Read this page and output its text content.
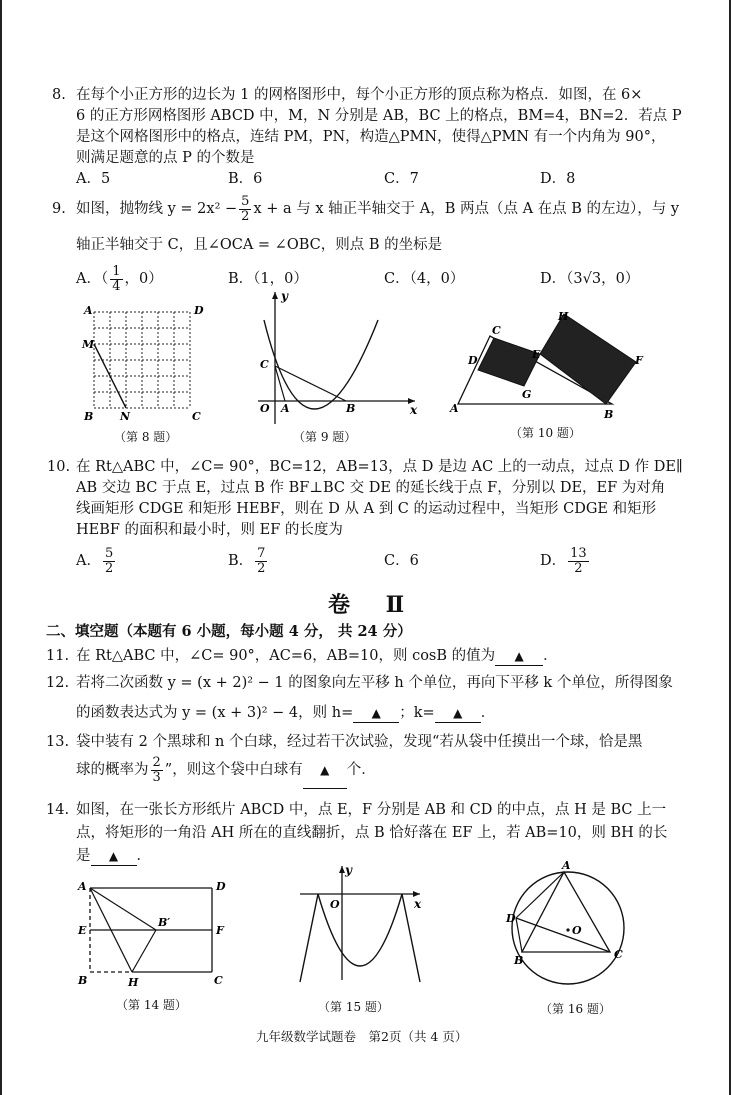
8. 在每个小正方形的边长为 1 的网格图形中，每个小正方形的顶点称为格点．如图，在 6×
6 的正方形网格图形 ABCD 中，M，N 分别是 AB，BC 上的格点，BM=4，BN=2．若点 P
是这个网格图形中的格点，连结 PM，PN，构造△PMN，使得△PMN 有一个内角为 90°，
则满足题意的点 P 的个数是
A．5	B．6	C．7	D．8
9. 如图，抛物线 $y = 2x^2 - \frac{5}{2}$ x + a 与 x 轴正半轴交于 A，B 两点（点 A 在点 B 的左边），与 y
轴正半轴交于 C，且∠OCA = ∠OBC，则点 B 的坐标是
A．（ $\frac{1}{4}$ ，0）	B．（1，0）	C．（4，0）	D．（3√3，0）
A	D
M
B N	C
（第 8 题）
y
C
O A	B	x
（第 9 题）
C
H
D	E	F
G
A	B
（第 10 题）
10. 在 Rt△ABC 中，∠C= 90°，BC=12，AB=13，点 D 是边 AC 上的一动点，过点 D 作 DE∥
AB 交边 BC 于点 E，过点 B 作 BF⊥BC 交 DE 的延长线于点 F，分别以 DE，EF 为对角
线画矩形 CDGE 和矩形 HEBF，则在 D 从 A 到 C 的运动过程中，当矩形 CDGE 和矩形
HEBF 的面积和最小时，则 EF 的长度为
A． $\frac{5}{2}$	B． $\frac{7}{2}$	C．6	D． $\frac{13}{2}$
卷 Ⅱ
二、填空题（本题有 6 小题，每小题 4 分， 共 24 分）
11. 在 Rt△ABC 中，∠C= 90°，AC=6，AB=10，则 cosB 的值为 ▲ ．
12. 若将二次函数 y = (x + 2)² − 1 的图象向左平移 h 个单位，再向下平移 k 个单位，所得图象
的函数表达式为 y = (x + 3)² − 4，则 h= ▲ ；k= ▲ ．
13. 袋中装有 2 个黑球和 n 个白球，经过若干次试验，发现“若从袋中任摸出一个球，恰是黑
球的概率为 $\frac{2}{3}$ ”，则这个袋中白球有 ▲ 个．
14. 如图，在一张长方形纸片 ABCD 中，点 E，F 分别是 AB 和 CD 的中点，点 H 是 BC 上一
点，将矩形的一角沿 AH 所在的直线翻折，点 B 恰好落在 EF 上，若 AB=10，则 BH 的长
是 ▲ ．
A	D
E
B′
F
B	H	C
（第 14 题）
y
O	x
（第 15 题）
A
D
O
B	C
（第 16 题）
九年级数学试题卷　第2页（共 4 页）
